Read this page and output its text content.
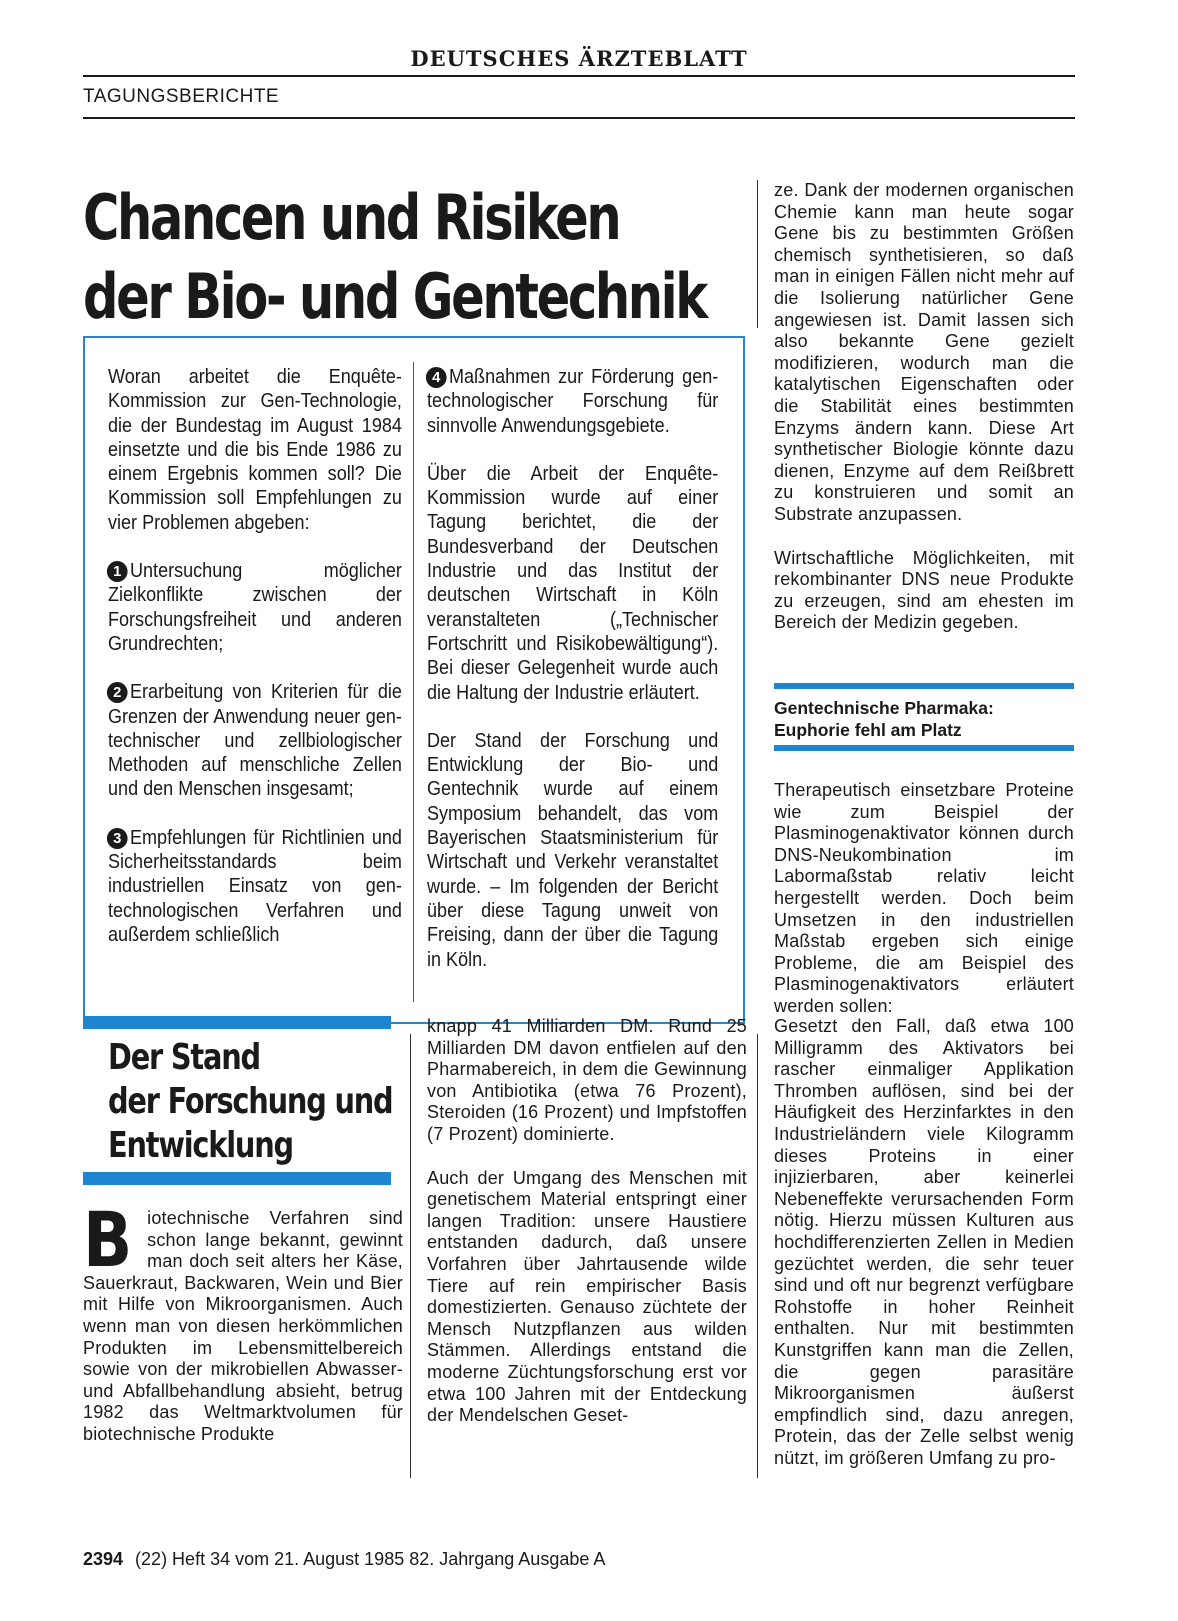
DEUTSCHES ÄRZTEBLATT
TAGUNGSBERICHTE
Chancen und Risiken
der Bio- und Gentechnik

Woran arbeitet die Enquête-Kommission zur Gen-Technologie, die der Bundestag im August 1984 einsetzte und die bis Ende 1986 zu einem Ergebnis kommen soll? Die Kommission soll Empfehlungen zu vier Problemen abgeben:

1 Untersuchung möglicher Zielkonflikte zwischen der Forschungsfreiheit und anderen Grundrechten;

2 Erarbeitung von Kriterien für die Grenzen der Anwendung neuer gen-technischer und zellbiologischer Methoden auf menschliche Zellen und den Menschen insgesamt;

3 Empfehlungen für Richtlinien und Sicherheitsstandards beim industriellen Einsatz von gen-technologischen Verfahren und außerdem schließlich

4 Maßnahmen zur Förderung gen-technologischer Forschung für sinnvolle Anwendungsgebiete.

Über die Arbeit der Enquête-Kommission wurde auf einer Tagung berichtet, die der Bundesverband der Deutschen Industrie und das Institut der deutschen Wirtschaft in Köln veranstalteten („Technischer Fortschritt und Risikobewältigung“). Bei dieser Gelegenheit wurde auch die Haltung der Industrie erläutert.

Der Stand der Forschung und Entwicklung der Bio- und Gentechnik wurde auf einem Symposium behandelt, das vom Bayerischen Staatsministerium für Wirtschaft und Verkehr veranstaltet wurde. – Im folgenden der Bericht über diese Tagung unweit von Freising, dann der über die Tagung in Köln.

ze. Dank der modernen organischen Chemie kann man heute sogar Gene bis zu bestimmten Größen chemisch synthetisieren, so daß man in einigen Fällen nicht mehr auf die Isolierung natürlicher Gene angewiesen ist. Damit lassen sich also bekannte Gene gezielt modifizieren, wodurch man die katalytischen Eigenschaften oder die Stabilität eines bestimmten Enzyms ändern kann. Diese Art synthetischer Biologie könnte dazu dienen, Enzyme auf dem Reißbrett zu konstruieren und somit an Substrate anzupassen.

Wirtschaftliche Möglichkeiten, mit rekombinanter DNS neue Produkte zu erzeugen, sind am ehesten im Bereich der Medizin gegeben.

Gentechnische Pharmaka:
Euphorie fehl am Platz

Therapeutisch einsetzbare Proteine wie zum Beispiel der Plasminogenaktivator können durch DNS-Neukombination im Labormaßstab relativ leicht hergestellt werden. Doch beim Umsetzen in den industriellen Maßstab ergeben sich einige Probleme, die am Beispiel des Plasminogenaktivators erläutert werden sollen:

Gesetzt den Fall, daß etwa 100 Milligramm des Aktivators bei rascher einmaliger Applikation Thromben auflösen, sind bei der Häufigkeit des Herzinfarktes in den Industrieländern viele Kilogramm dieses Proteins in einer injizierbaren, aber keinerlei Nebeneffekte verursachenden Form nötig. Hierzu müssen Kulturen aus hochdifferenzierten Zellen in Medien gezüchtet werden, die sehr teuer sind und oft nur begrenzt verfügbare Rohstoffe in hoher Reinheit enthalten. Nur mit bestimmten Kunstgriffen kann man die Zellen, die gegen parasitäre Mikroorganismen äußerst empfindlich sind, dazu anregen, Protein, das der Zelle selbst wenig nützt, im größeren Umfang zu pro-

Der Stand
der Forschung und
Entwicklung

Biotechnische Verfahren sind schon lange bekannt, gewinnt man doch seit alters her Käse, Sauerkraut, Backwaren, Wein und Bier mit Hilfe von Mikroorganismen. Auch wenn man von diesen herkömmlichen Produkten im Lebensmittelbereich sowie von der mikrobiellen Abwasser- und Abfallbehandlung absieht, betrug 1982 das Weltmarktvolumen für biotechnische Produkte

knapp 41 Milliarden DM. Rund 25 Milliarden DM davon entfielen auf den Pharmabereich, in dem die Gewinnung von Antibiotika (etwa 76 Prozent), Steroiden (16 Prozent) und Impfstoffen (7 Prozent) dominierte.

Auch der Umgang des Menschen mit genetischem Material entspringt einer langen Tradition: unsere Haustiere entstanden dadurch, daß unsere Vorfahren über Jahrtausende wilde Tiere auf rein empirischer Basis domestizierten. Genauso züchtete der Mensch Nutzpflanzen aus wilden Stämmen. Allerdings entstand die moderne Züchtungsforschung erst vor etwa 100 Jahren mit der Entdeckung der Mendelschen Geset-

2394 (22) Heft 34 vom 21. August 1985 82. Jahrgang Ausgabe A
